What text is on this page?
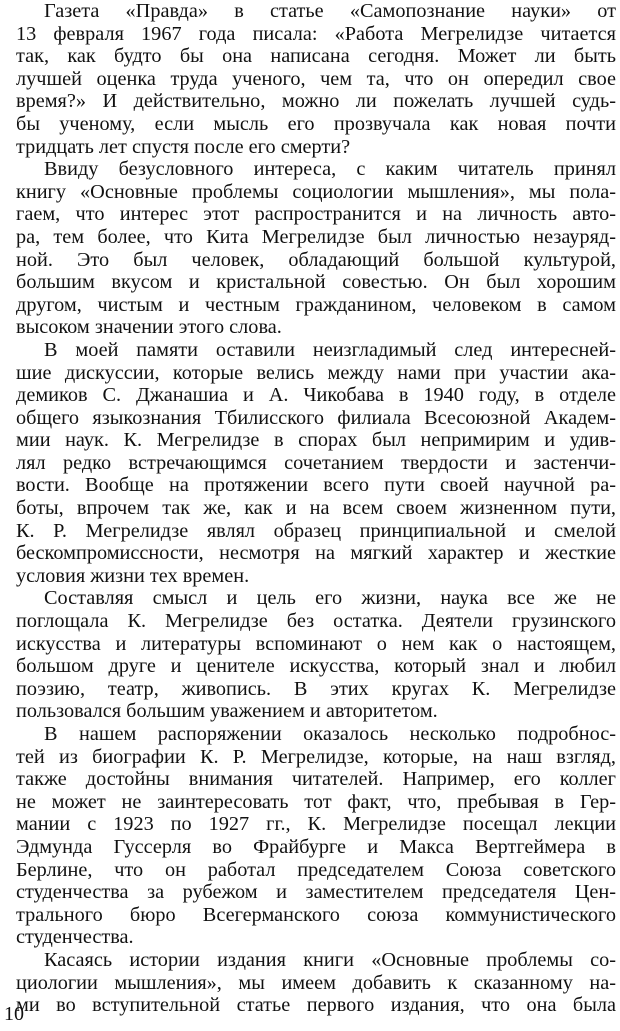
Газета «Правда» в статье «Самопознание науки» от
13 февраля 1967 года писала: «Работа Мегрелидзе читается
так, как будто бы она написана сегодня. Может ли быть
лучшей оценка труда ученого, чем та, что он опередил свое
время?» И действительно, можно ли пожелать лучшей судь-
бы ученому, если мысль его прозвучала как новая почти
тридцать лет спустя после его смерти?

Ввиду безусловного интереса, с каким читатель принял
книгу «Основные проблемы социологии мышления», мы пола-
гаем, что интерес этот распространится и на личность авто-
ра, тем более, что Кита Мегрелидзе был личностью незауряд-
ной. Это был человек, обладающий большой культурой,
большим вкусом и кристальной совестью. Он был хорошим
другом, чистым и честным гражданином, человеком в самом
высоком значении этого слова.

В моей памяти оставили неизгладимый след интересней-
шие дискуссии, которые велись между нами при участии ака-
демиков С. Джанашиа и А. Чикобава в 1940 году, в отделе
общего языкознания Тбилисского филиала Всесоюзной Академ-
мии наук. К. Мегрелидзе в спорах был непримирим и удив-
лял редко встречающимся сочетанием твердости и застенчи-
вости. Вообще на протяжении всего пути своей научной ра-
боты, впрочем так же, как и на всем своем жизненном пути,
К. Р. Мегрелидзе являл образец принципиальной и смелой
бескомпромиссности, несмотря на мягкий характер и жесткие
условия жизни тех времен.

Составляя смысл и цель его жизни, наука все же не
поглощала К. Мегрелидзе без остатка. Деятели грузинского
искусства и литературы вспоминают о нем как о настоящем,
большом друге и ценителе искусства, который знал и любил
поэзию, театр, живопись. В этих кругах К. Мегрелидзе
пользовался большим уважением и авторитетом.

В нашем распоряжении оказалось несколько подробнос-
тей из биографии К. Р. Мегрелидзе, которые, на наш взгляд,
также достойны внимания читателей. Например, его коллег
не может не заинтересовать тот факт, что, пребывая в Гер-
мании с 1923 по 1927 гг., К. Мегрелидзе посещал лекции
Эдмунда Гуссерля во Фрайбурге и Макса Вертгеймера в
Берлине, что он работал председателем Союза советского
студенчества за рубежом и заместителем председателя Цен-
трального бюро Всегерманского союза коммунистического
студенчества.

Касаясь истории издания книги «Основные проблемы со-
циологии мышления», мы имеем добавить к сказанному на-
ми во вступительной статье первого издания, что она была

10
